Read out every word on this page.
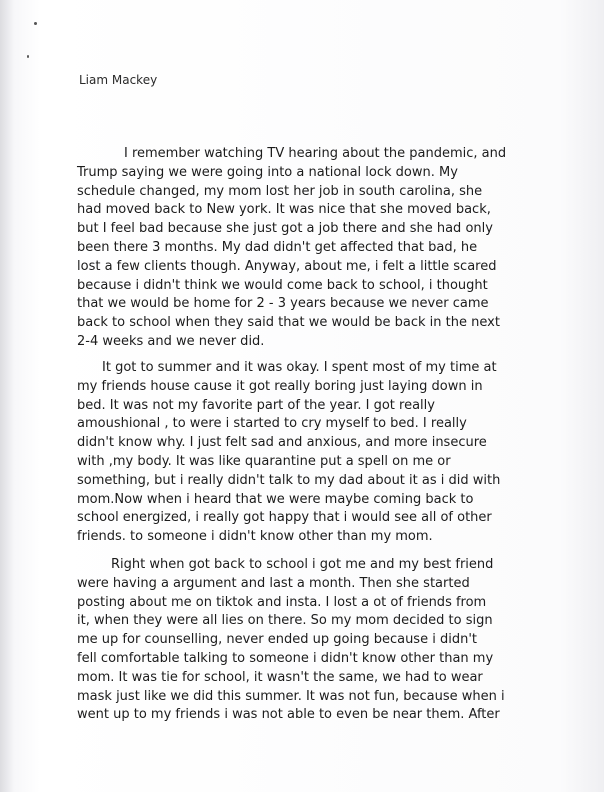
Liam Mackey

I remember watching TV hearing about the pandemic, and
Trump saying we were going into a national lock down. My
schedule changed, my mom lost her job in south carolina, she
had moved back to New york. It was nice that she moved back,
but I feel bad because she just got a job there and she had only
been there 3 months. My dad didn't get affected that bad, he
lost a few clients though. Anyway, about me, i felt a little scared
because i didn't think we would come back to school, i thought
that we would be home for 2 - 3 years because we never came
back to school when they said that we would be back in the next
2-4 weeks and we never did.
It got to summer and it was okay. I spent most of my time at
my friends house cause it got really boring just laying down in
bed. It was not my favorite part of the year. I got really
amoushional , to were i started to cry myself to bed. I really
didn't know why. I just felt sad and anxious, and more insecure
with ,my body. It was like quarantine put a spell on me or
something, but i really didn't talk to my dad about it as i did with
mom.Now when i heard that we were maybe coming back to
school energized, i really got happy that i would see all of other
friends. to someone i didn't know other than my mom.
Right when got back to school i got me and my best friend
were having a argument and last a month. Then she started
posting about me on tiktok and insta. I lost a ot of friends from
it, when they were all lies on there. So my mom decided to sign
me up for counselling, never ended up going because i didn't
fell comfortable talking to someone i didn't know other than my
mom. It was tie for school, it wasn't the same, we had to wear
mask just like we did this summer. It was not fun, because when i
went up to my friends i was not able to even be near them. After
